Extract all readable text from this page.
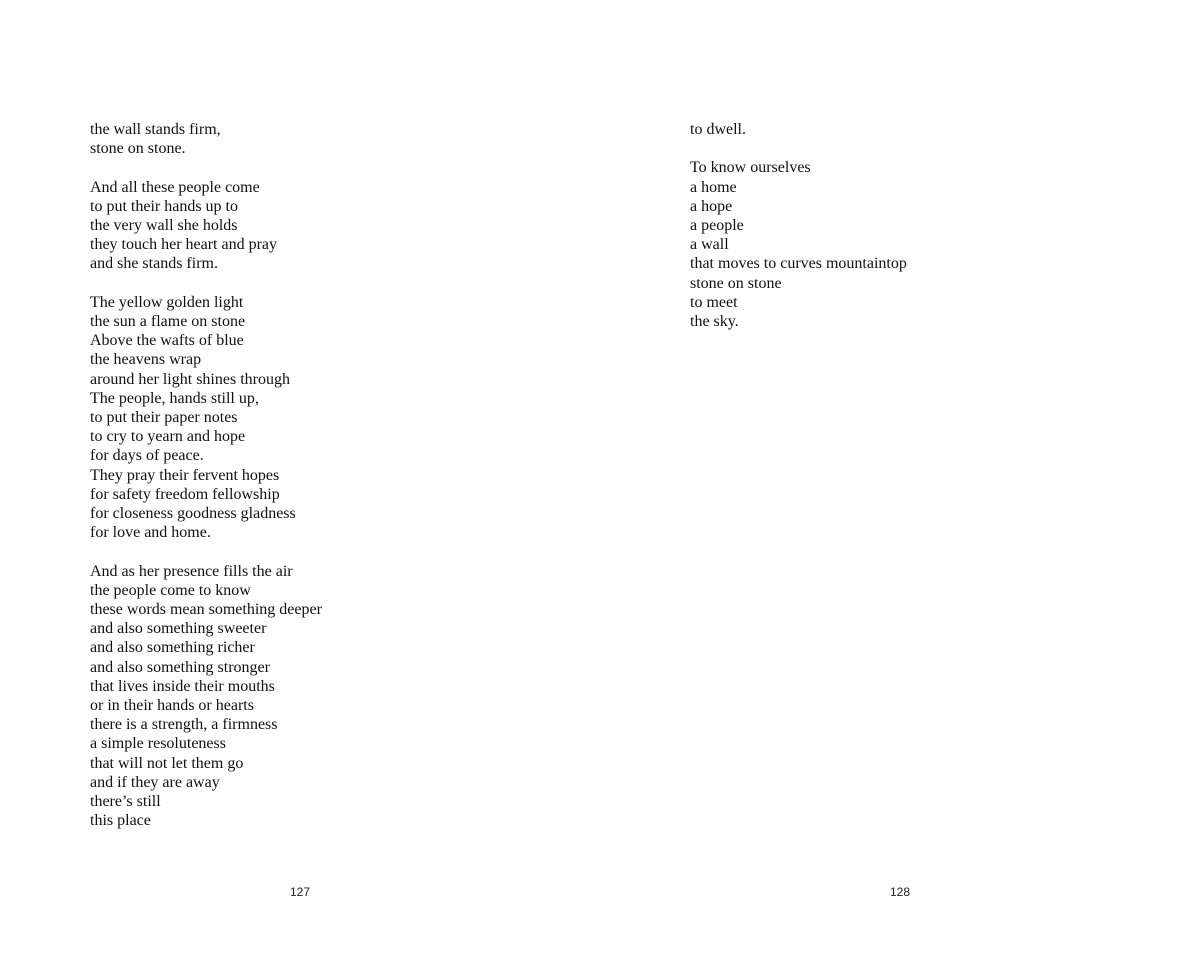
the wall stands firm,
stone on stone.
And all these people come
to put their hands up to
the very wall she holds
they touch her heart and pray
and she stands firm.
The yellow golden light
the sun a flame on stone
Above the wafts of blue
the heavens wrap
around her light shines through
The people, hands still up,
to put their paper notes
to cry to yearn and hope
for days of peace.
They pray their fervent hopes
for safety freedom fellowship
for closeness goodness gladness
for love and home.
And as her presence fills the air
the people come to know
these words mean something deeper
and also something sweeter
and also something richer
and also something stronger
that lives inside their mouths
or in their hands or hearts
there is a strength, a firmness
a simple resoluteness
that will not let them go
and if they are away
there’s still
this place
127
to dwell.
To know ourselves
a home
a hope
a people
a wall
that moves to curves mountaintop
stone on stone
to meet
the sky.
128
